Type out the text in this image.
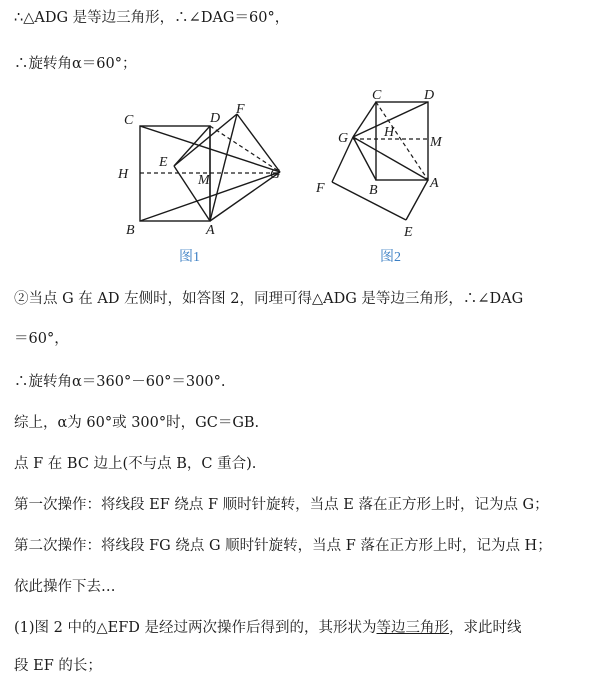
∴△ADG 是等边三角形，∴∠DAG＝60°，
∴旋转角α＝60°；
C	D
F
E
H	M	G
B	A
图1
C	D
G	H
M
F	B	A
E
图2
②当点 G 在 AD 左侧时，如答图 2，同理可得△ADG 是等边三角形，∴∠DAG
＝60°，
∴旋转角α＝360°－60°＝300°.
综上，α为 60°或 300°时，GC＝GB.
点 F 在 BC 边上(不与点 B，C 重合).
第一次操作：将线段 EF 绕点 F 顺时针旋转，当点 E 落在正方形上时，记为点 G；
第二次操作：将线段 FG 绕点 G 顺时针旋转，当点 F 落在正方形上时，记为点 H；
依此操作下去…
(1)图 2 中的△EFD 是经过两次操作后得到的，其形状为等边三角形，求此时线
段 EF 的长；
